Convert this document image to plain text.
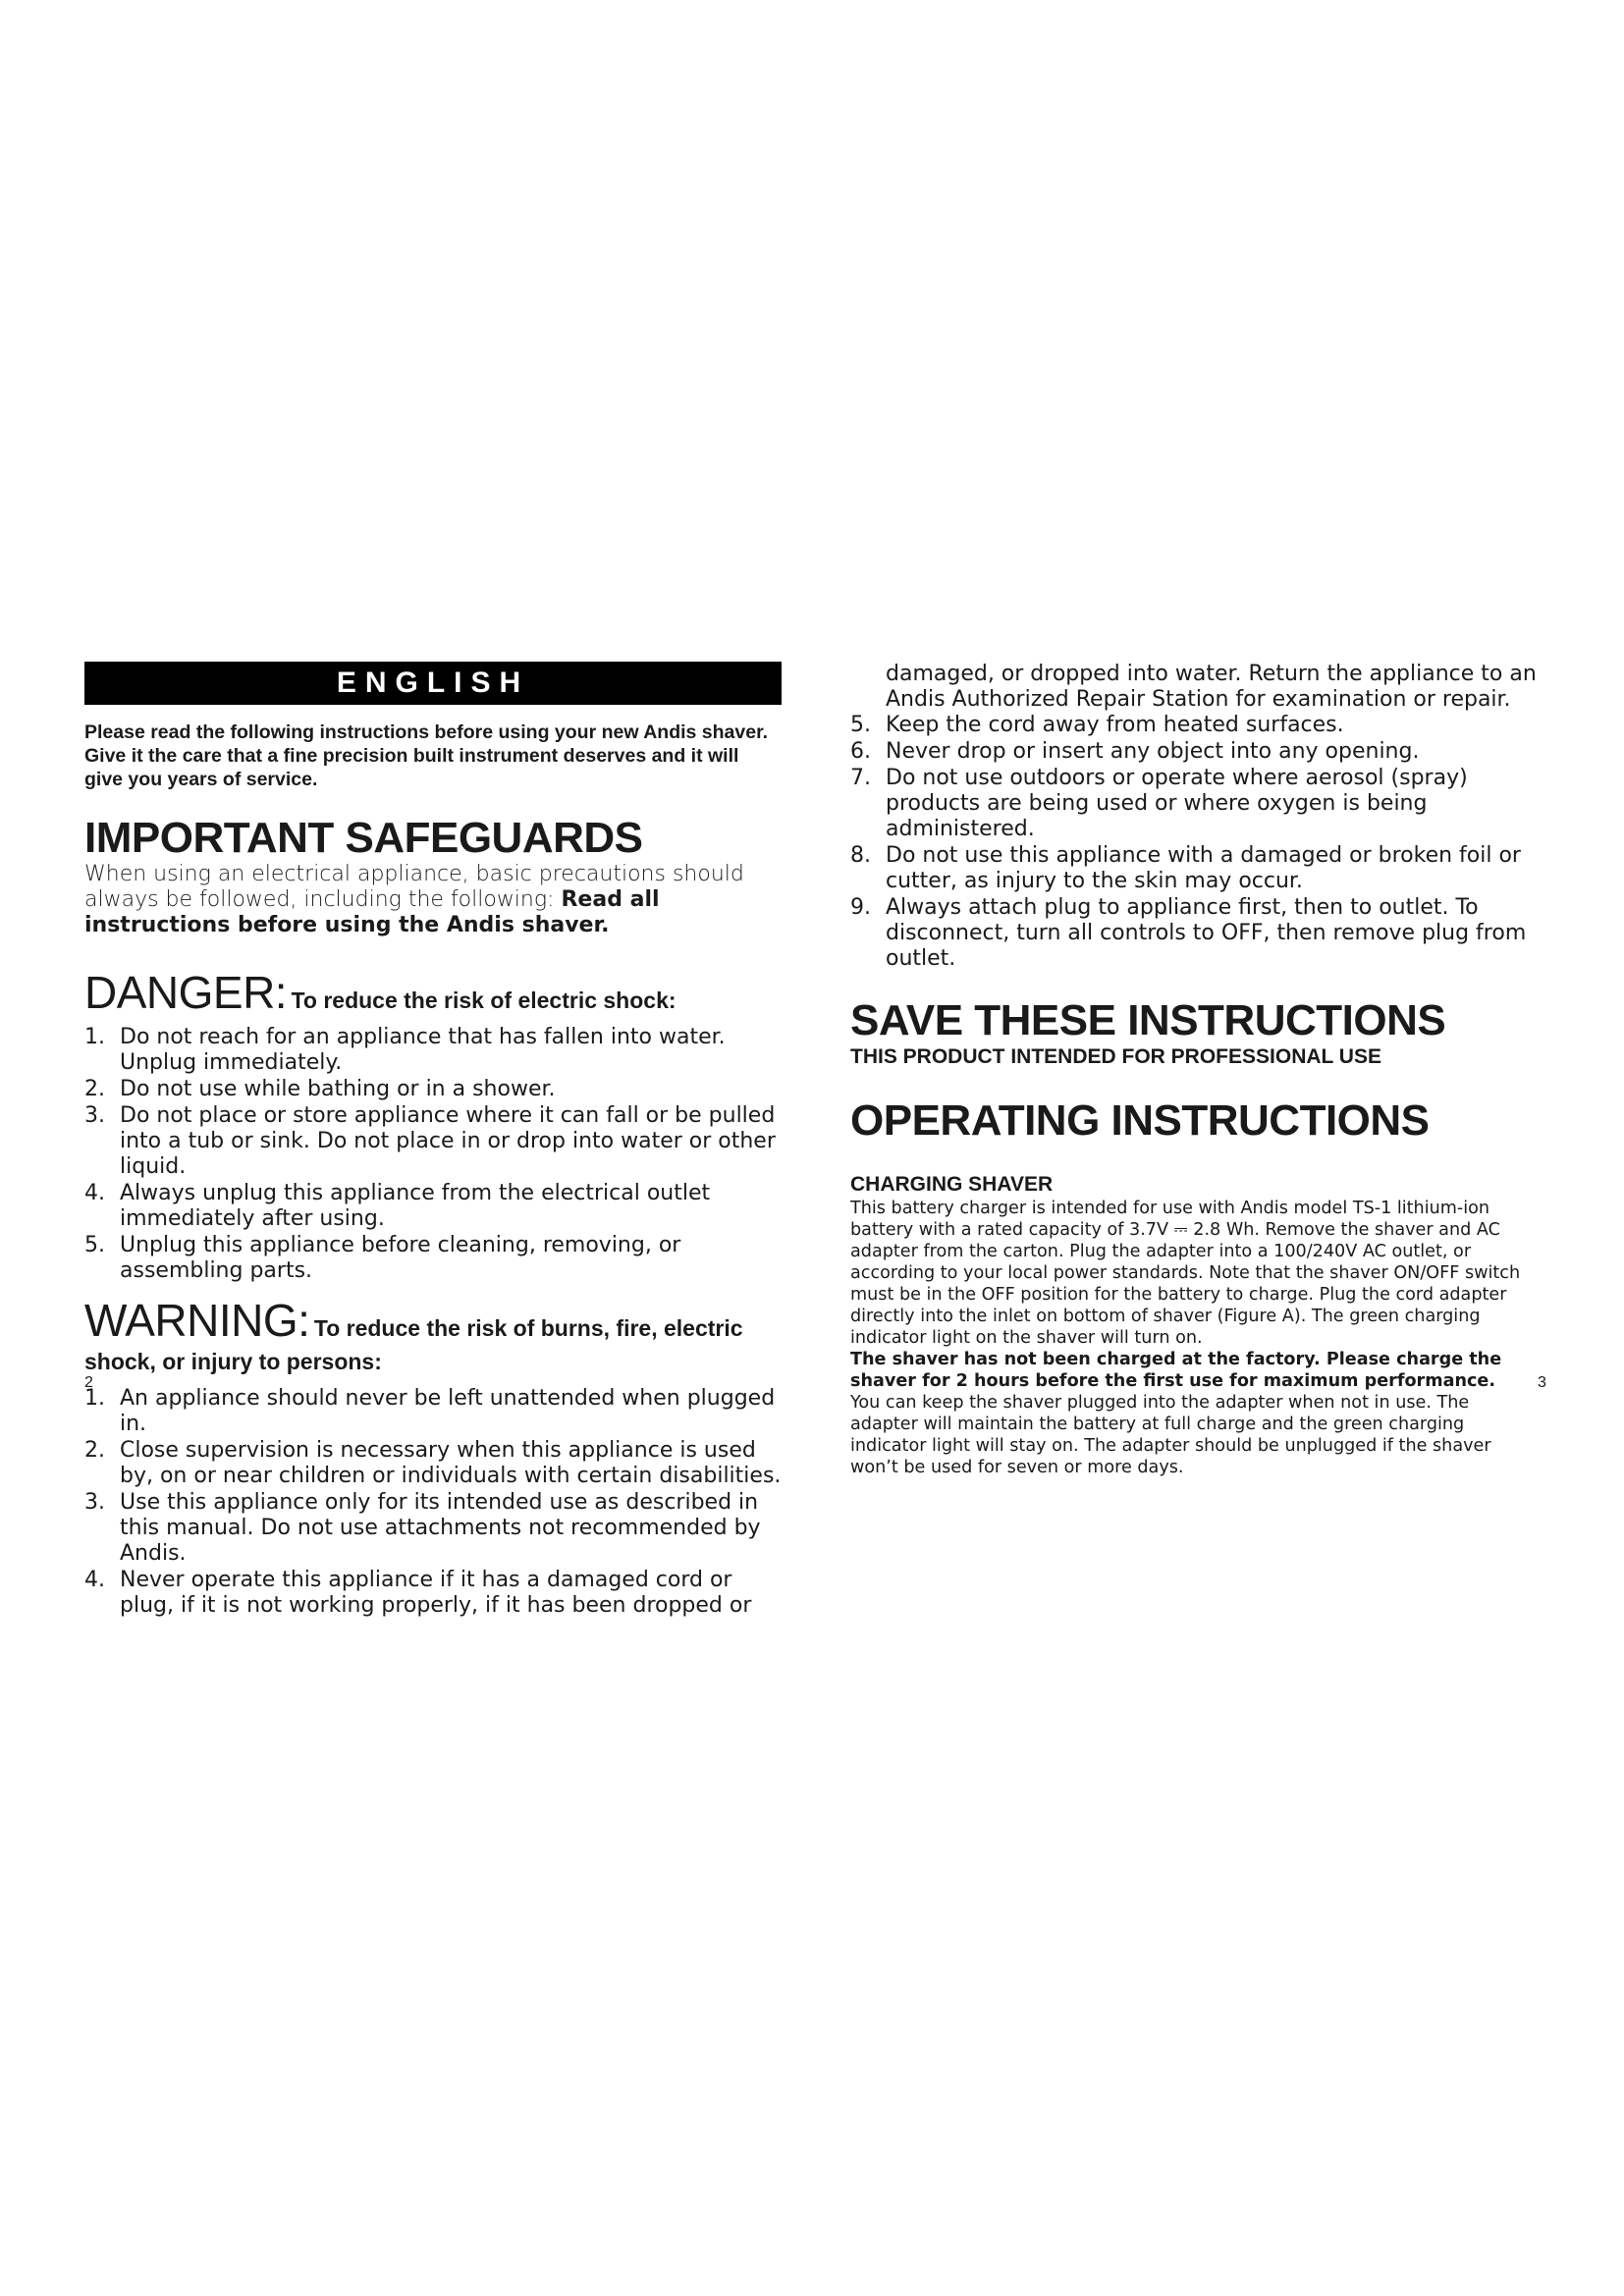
ENGLISH
Please read the following instructions before using your new Andis shaver. Give it the care that a fine precision built instrument deserves and it will give you years of service.
IMPORTANT SAFEGUARDS
When using an electrical appliance, basic precautions should always be followed, including the following: Read all instructions before using the Andis shaver.
DANGER: To reduce the risk of electric shock:
1. Do not reach for an appliance that has fallen into water. Unplug immediately.
2. Do not use while bathing or in a shower.
3. Do not place or store appliance where it can fall or be pulled into a tub or sink. Do not place in or drop into water or other liquid.
4. Always unplug this appliance from the electrical outlet immediately after using.
5. Unplug this appliance before cleaning, removing, or assembling parts.
WARNING: To reduce the risk of burns, fire, electric shock, or injury to persons:
1. An appliance should never be left unattended when plugged in.
2. Close supervision is necessary when this appliance is used by, on or near children or individuals with certain disabilities.
3. Use this appliance only for its intended use as described in this manual. Do not use attachments not recommended by Andis.
4. Never operate this appliance if it has a damaged cord or plug, if it is not working properly, if it has been dropped or
damaged, or dropped into water. Return the appliance to an Andis Authorized Repair Station for examination or repair.
5. Keep the cord away from heated surfaces.
6. Never drop or insert any object into any opening.
7. Do not use outdoors or operate where aerosol (spray) products are being used or where oxygen is being administered.
8. Do not use this appliance with a damaged or broken foil or cutter, as injury to the skin may occur.
9. Always attach plug to appliance first, then to outlet. To disconnect, turn all controls to OFF, then remove plug from outlet.
SAVE THESE INSTRUCTIONS
THIS PRODUCT INTENDED FOR PROFESSIONAL USE
OPERATING INSTRUCTIONS
CHARGING SHAVER
This battery charger is intended for use with Andis model TS-1 lithium-ion battery with a rated capacity of 3.7V ⎓ 2.8 Wh. Remove the shaver and AC adapter from the carton. Plug the adapter into a 100/240V AC outlet, or according to your local power standards. Note that the shaver ON/OFF switch must be in the OFF position for the battery to charge. Plug the cord adapter directly into the inlet on bottom of shaver (Figure A). The green charging indicator light on the shaver will turn on.
The shaver has not been charged at the factory. Please charge the shaver for 2 hours before the first use for maximum performance.
You can keep the shaver plugged into the adapter when not in use. The adapter will maintain the battery at full charge and the green charging indicator light will stay on. The adapter should be unplugged if the shaver won’t be used for seven or more days.
2	3
